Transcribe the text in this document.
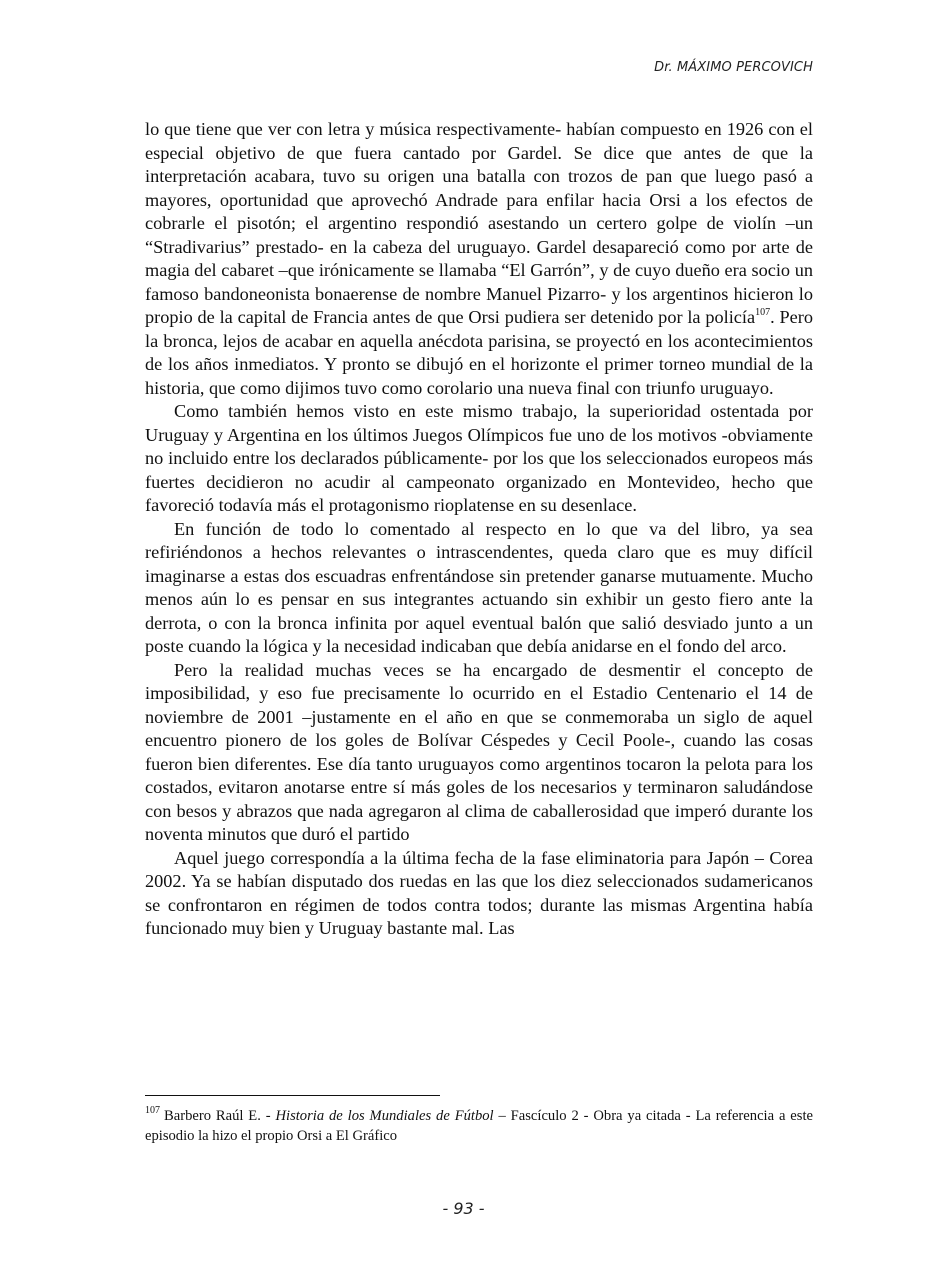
Dr. MÁXIMO PERCOVICH

lo que tiene que ver con letra y música respectivamente- habían compuesto en 1926 con el especial objetivo de que fuera cantado por Gardel. Se dice que antes de que la interpretación acabara, tuvo su origen una batalla con trozos de pan que luego pasó a mayores, oportunidad que aprovechó Andrade para enfilar hacia Orsi a los efectos de cobrarle el pisotón; el argentino respondió asestando un certero golpe de violín –un “Stradivarius” prestado- en la cabeza del uruguayo. Gardel desapareció como por arte de magia del cabaret –que irónicamente se llamaba “El Garrón”, y de cuyo dueño era socio un famoso bandoneonista bonaerense de nombre Manuel Pizarro- y los argentinos hicieron lo propio de la capital de Francia antes de que Orsi pudiera ser detenido por la policía$^{107}$. Pero la bronca, lejos de acabar en aquella anécdota parisina, se proyectó en los acontecimientos de los años inmediatos. Y pronto se dibujó en el horizonte el primer torneo mundial de la historia, que como dijimos tuvo como corolario una nueva final con triunfo uruguayo.

Como también hemos visto en este mismo trabajo, la superioridad ostentada por Uruguay y Argentina en los últimos Juegos Olímpicos fue uno de los motivos -obviamente no incluido entre los declarados públicamente- por los que los seleccionados europeos más fuertes decidieron no acudir al campeonato organizado en Montevideo, hecho que favoreció todavía más el protagonismo rioplatense en su desenlace.

En función de todo lo comentado al respecto en lo que va del libro, ya sea refiriéndonos a hechos relevantes o intrascendentes, queda claro que es muy difícil imaginarse a estas dos escuadras enfrentándose sin pretender ganarse mutuamente. Mucho menos aún lo es pensar en sus integrantes actuando sin exhibir un gesto fiero ante la derrota, o con la bronca infinita por aquel eventual balón que salió desviado junto a un poste cuando la lógica y la necesidad indicaban que debía anidarse en el fondo del arco.

Pero la realidad muchas veces se ha encargado de desmentir el concepto de imposibilidad, y eso fue precisamente lo ocurrido en el Estadio Centenario el 14 de noviembre de 2001 –justamente en el año en que se conmemoraba un siglo de aquel encuentro pionero de los goles de Bolívar Céspedes y Cecil Poole-, cuando las cosas fueron bien diferentes. Ese día tanto uruguayos como argentinos tocaron la pelota para los costados, evitaron anotarse entre sí más goles de los necesarios y terminaron saludándose con besos y abrazos que nada agregaron al clima de caballerosidad que imperó durante los noventa minutos que duró el partido

Aquel juego correspondía a la última fecha de la fase eliminatoria para Japón – Corea 2002. Ya se habían disputado dos ruedas en las que los diez seleccionados sudamericanos se confrontaron en régimen de todos contra todos; durante las mismas Argentina había funcionado muy bien y Uruguay bastante mal. Las

$^{107}$ Barbero Raúl E. - Historia de los Mundiales de Fútbol – Fascículo 2 - Obra ya citada - La referencia a este episodio la hizo el propio Orsi a El Gráfico
- 93 -
